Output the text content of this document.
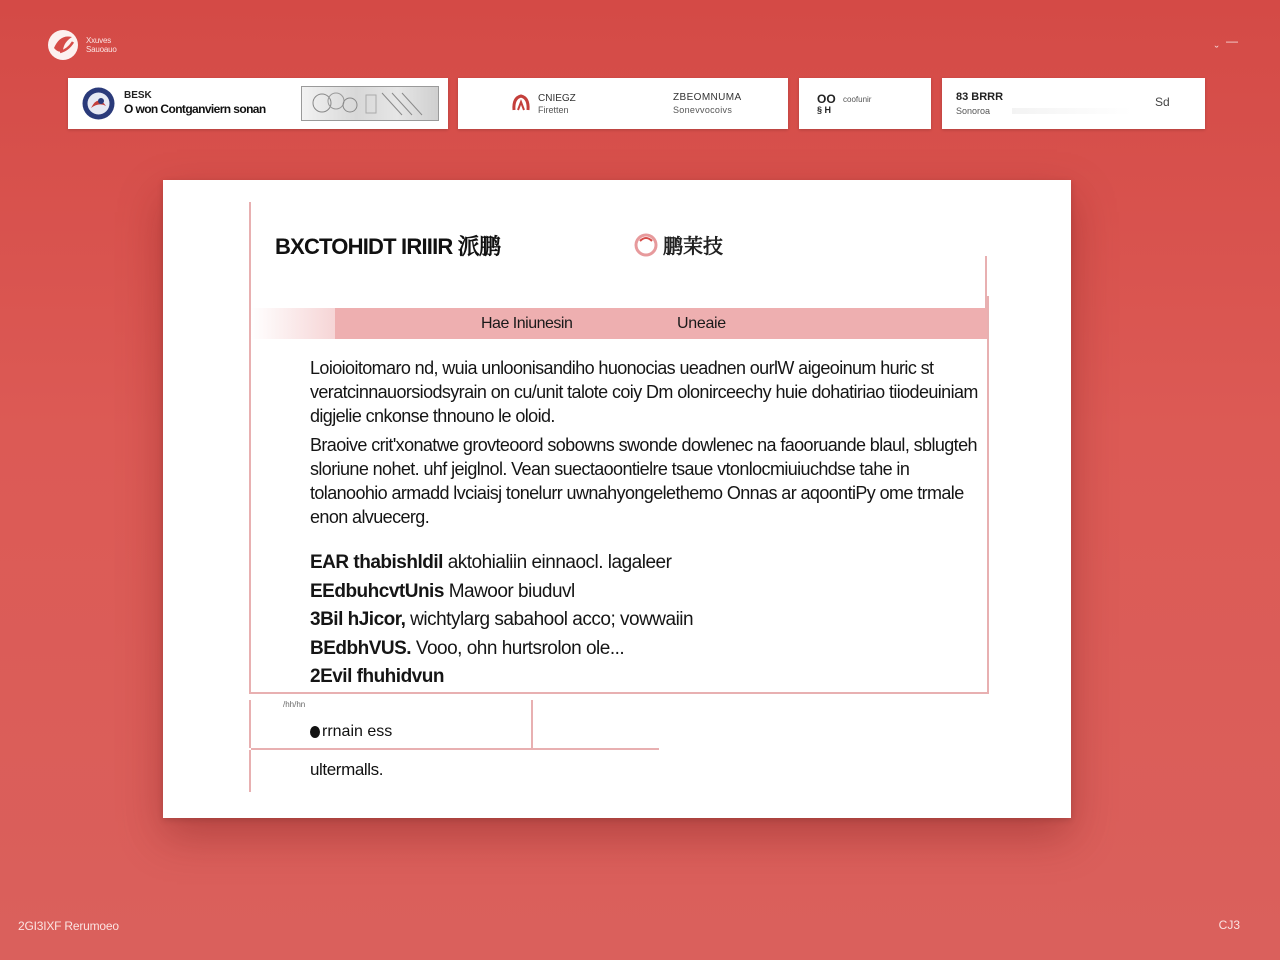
Xxuves
Sauoauo
ˬ —
BESK
O won Contganviern sonan
CNIEGZ
Firetten
ZBEOMNUMA
Sonevvocoivs
OO
§ H
coofunir	83 BRRR
Sonoroa
Sd
BXCTOHIDT IRIIIR 派鹏	鹏茉技
Hae Iniunesin	Uneaie

Loioioitomaro nd, wuia unloonisandiho huonocias ueadnen ourlW aigeoinum huric st veratcinnauorsiodsyrain on cu/unit talote coiy Dm olonirceechy huie dohatiriao tiiodeuiniam digjelie cnkonse thnouno le oloid.

Braoive crit'xonatwe grovteoord sobowns swonde dowlenec na faooruande blaul, sblugteh sloriune nohet. uhf jeiglnol. Vean suectaoontielre tsaue vtonlocmiuiuchdse tahe in tolanoohio armadd lvciaisj tonelurr uwnahyongelethemo Onnas ar aqoontiPy ome trmale enon alvuecerg.

EAR thabishldil aktohialiin einnaocl. lagaleer
EEdbuhcvtUnis Mawoor biuduvl
3Bil hJicor, wichtylarg sabahool acco; vowwaiin
BEdbhVUS. Vooo, ohn hurtsrolon ole...
2Evil fhuhidvun
/hh/hn
rrnain ess
ultermalls.
2GI3IXF Rerumoeo	CJ3
